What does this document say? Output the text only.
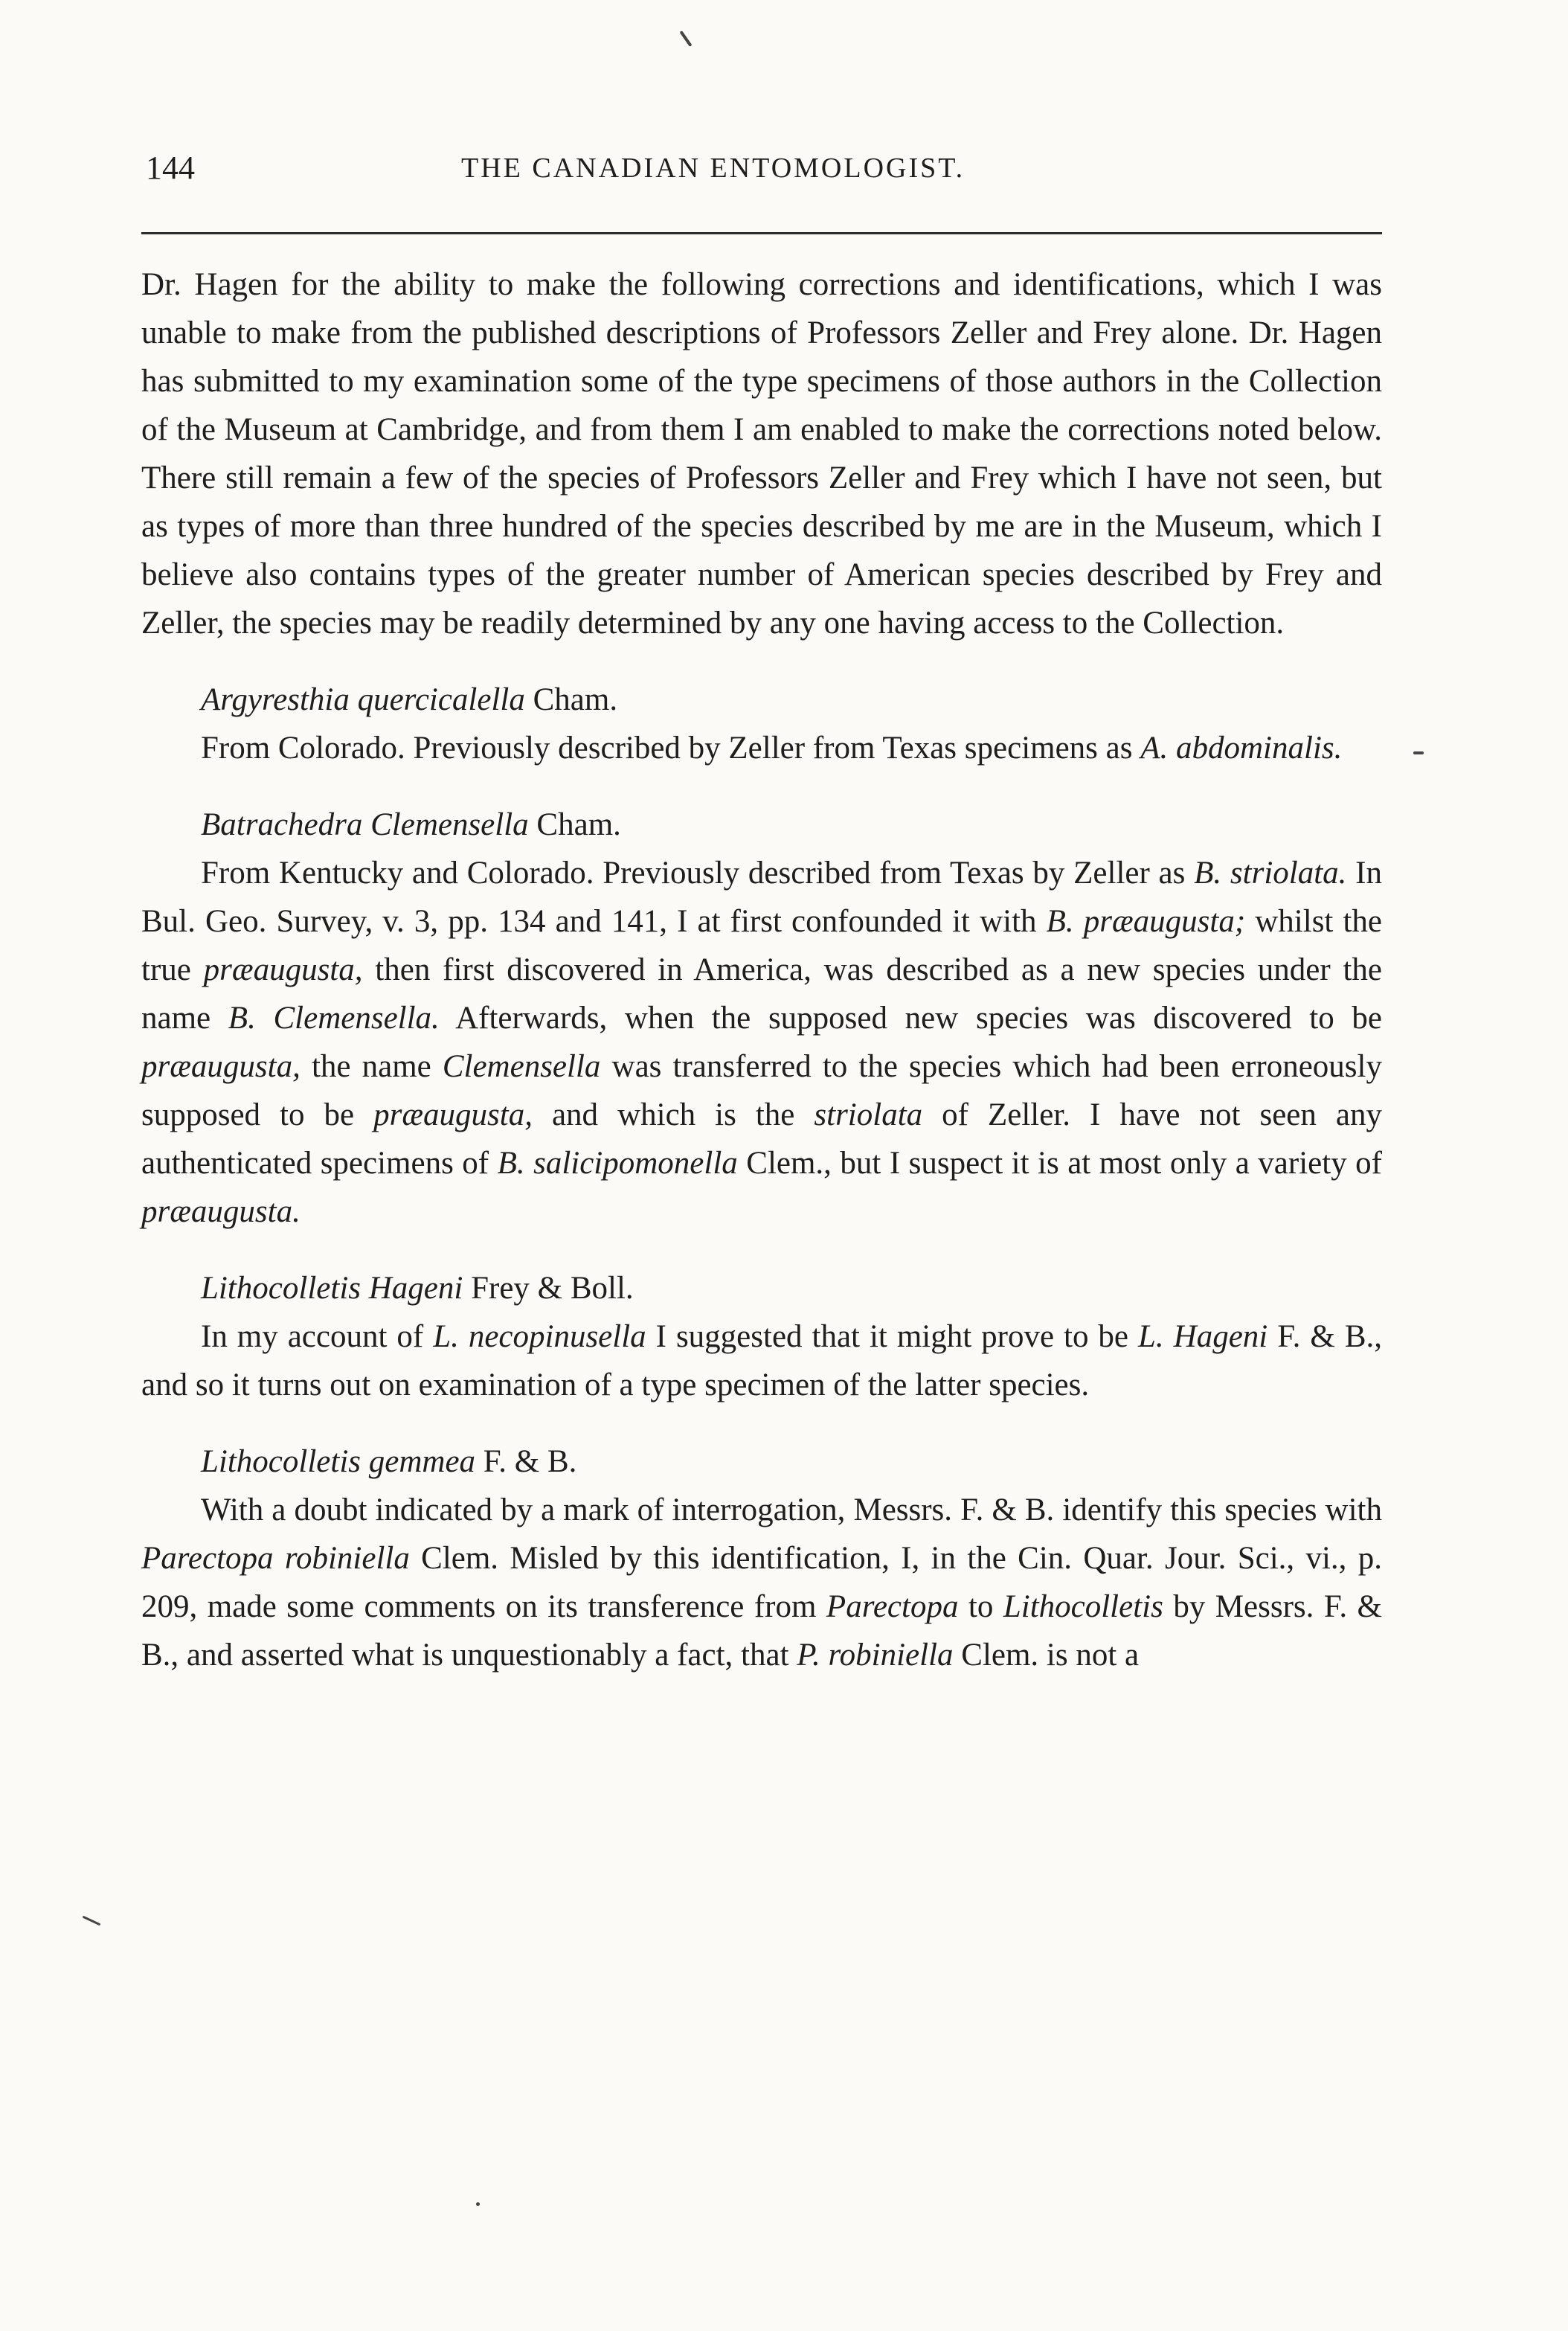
144	THE CANADIAN ENTOMOLOGIST.

Dr. Hagen for the ability to make the following corrections and identifications, which I was unable to make from the published descriptions of Professors Zeller and Frey alone. Dr. Hagen has submitted to my examination some of the type specimens of those authors in the Collection of the Museum at Cambridge, and from them I am enabled to make the corrections noted below. There still remain a few of the species of Professors Zeller and Frey which I have not seen, but as types of more than three hundred of the species described by me are in the Museum, which I believe also contains types of the greater number of American species described by Frey and Zeller, the species may be readily determined by any one having access to the Collection.

Argyresthia quercicalella Cham.

From Colorado. Previously described by Zeller from Texas specimens as A. abdominalis.

Batrachedra Clemensella Cham.

From Kentucky and Colorado. Previously described from Texas by Zeller as B. striolata. In Bul. Geo. Survey, v. 3, pp. 134 and 141, I at first confounded it with B. præaugusta; whilst the true præaugusta, then first discovered in America, was described as a new species under the name B. Clemensella. Afterwards, when the supposed new species was discovered to be præaugusta, the name Clemensella was transferred to the species which had been erroneously supposed to be præaugusta, and which is the striolata of Zeller. I have not seen any authenticated specimens of B. salicipomonella Clem., but I suspect it is at most only a variety of præaugusta.

Lithocolletis Hageni Frey & Boll.

In my account of L. necopinusella I suggested that it might prove to be L. Hageni F. & B., and so it turns out on examination of a type specimen of the latter species.

Lithocolletis gemmea F. & B.

With a doubt indicated by a mark of interrogation, Messrs. F. & B. identify this species with Parectopa robiniella Clem. Misled by this identification, I, in the Cin. Quar. Jour. Sci., vi., p. 209, made some comments on its transference from Parectopa to Lithocolletis by Messrs. F. & B., and asserted what is unquestionably a fact, that P. robiniella Clem. is not a
